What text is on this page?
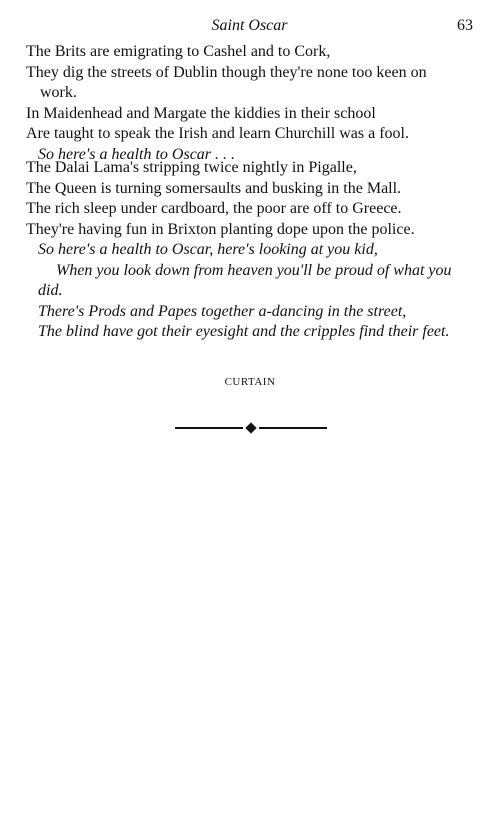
Saint Oscar	63
The Brits are emigrating to Cashel and to Cork,
They dig the streets of Dublin though they're none too keen on
work.
In Maidenhead and Margate the kiddies in their school
Are taught to speak the Irish and learn Churchill was a fool.
So here's a health to Oscar . . .
The Dalai Lama's stripping twice nightly in Pigalle,
The Queen is turning somersaults and busking in the Mall.
The rich sleep under cardboard, the poor are off to Greece.
They're having fun in Brixton planting dope upon the police.
So here's a health to Oscar, here's looking at you kid,
When you look down from heaven you'll be proud of what you
did.
There's Prods and Papes together a-dancing in the street,
The blind have got their eyesight and the cripples find their feet.
CURTAIN
